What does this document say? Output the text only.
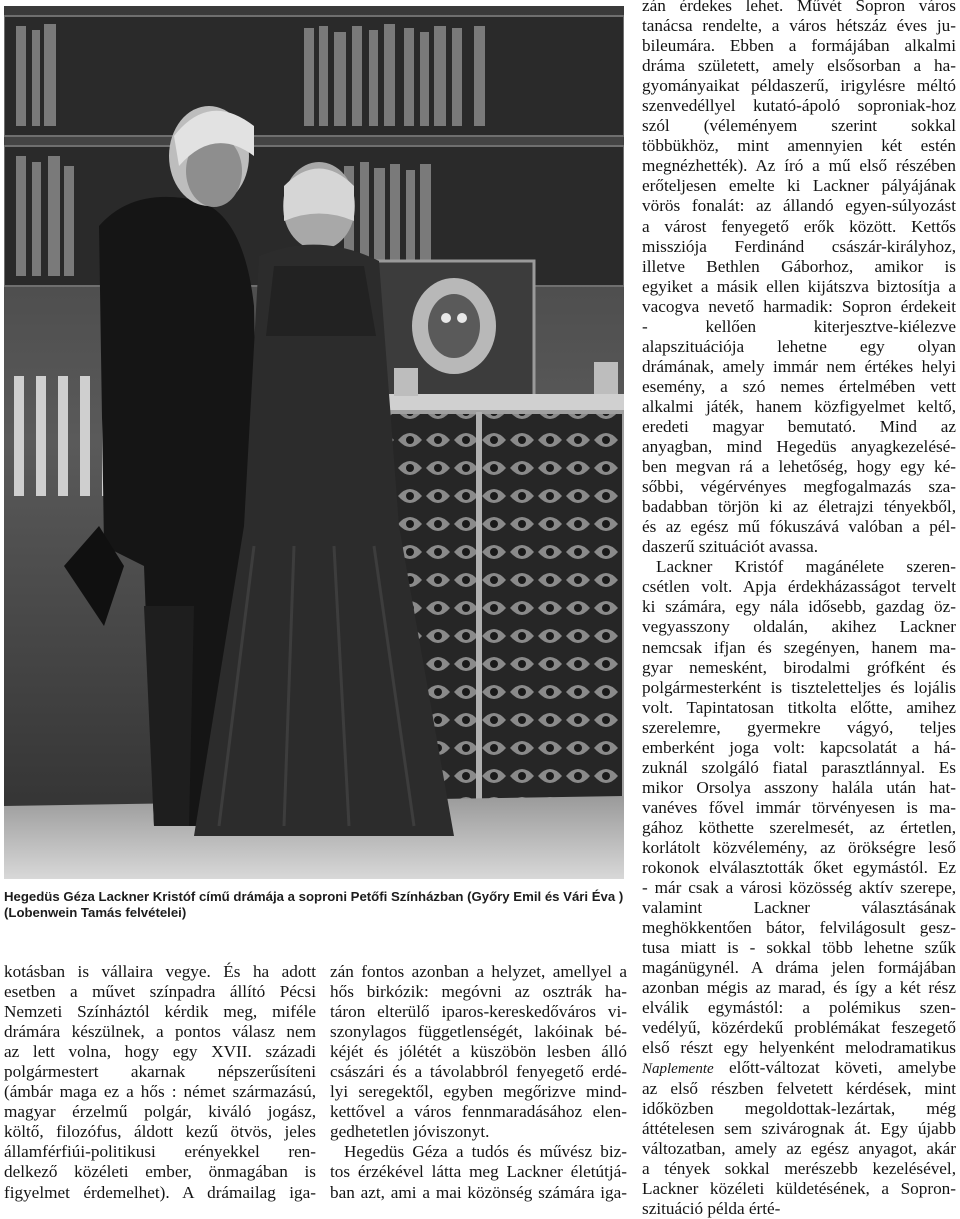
Hegedüs Géza Lackner Kristóf című drámája a soproni Petőfi Színházban (Győry Emil és Vári Éva )
(Lobenwein Tamás felvételei)
kotásban is vállaira vegye. És ha adott
esetben a művet színpadra állító Pécsi
Nemzeti Színháztól kérdik meg, miféle
drámára készülnek, a pontos válasz nem
az lett volna, hogy egy XVII. századi
polgármestert akarnak népszerűsíteni
(ámbár maga ez a hős : német származású,
magyar érzelmű polgár, kiváló jogász,
költő, filozófus, áldott kezű ötvös, jeles
államférfiúi-politikusi erényekkel ren-
delkező közéleti ember, önmagában is
figyelmet érdemelhet). A drámailag iga-
zán fontos azonban a helyzet, amellyel a
hős birkózik: megóvni az osztrák ha-
táron elterülő iparos-kereskedőváros vi-
szonylagos függetlenségét, lakóinak bé-
kéjét és jólétét a küszöbön lesben álló
császári és a távolabbról fenyegető erdé-
lyi seregektől, egyben megőrizve mind-
kettővel a város fennmaradásához elen-
gedhetetlen jóviszonyt.
Hegedüs Géza a tudós és művész biz-
tos érzékével látta meg Lackner életútjá-
ban azt, ami a mai közönség számára iga-
zán érdekes lehet. Művét Sopron város
tanácsa rendelte, a város hétszáz éves ju-
bileumára. Ebben a formájában alkalmi
dráma született, amely elsősorban a ha-
gyományaikat példaszerű, irigylésre méltó
szenvedéllyel kutató-ápoló soproniak-hoz
szól (véleményem szerint sokkal
többükhöz, mint amennyien két estén
megnézhették). Az író a mű első részében
erőteljesen emelte ki Lackner pályájának
vörös fonalát: az állandó egyen-súlyozást
a várost fenyegető erők között. Kettős
missziója Ferdinánd császár-királyhoz,
illetve Bethlen Gáborhoz, amikor is
egyiket a másik ellen kijátszva biztosítja a
vacogva nevető harmadik: Sopron érdekeit
- kellően kiterjesztve-kiélezve
alapszituációja lehetne egy olyan
drámának, amely immár nem értékes helyi
esemény, a szó nemes értelmében vett
alkalmi játék, hanem közfigyelmet keltő,
eredeti magyar bemutató. Mind az
anyagban, mind Hegedüs anyagkezelésé-
ben megvan rá a lehetőség, hogy egy ké-
sőbbi, végérvényes megfogalmazás sza-
badabban törjön ki az életrajzi tényekből,
és az egész mű fókuszává valóban a pél-
daszerű szituációt avassa.
Lackner Kristóf magánélete szeren-
csétlen volt. Apja érdekházasságot tervelt
ki számára, egy nála idősebb, gazdag öz-
vegyasszony oldalán, akihez Lackner
nemcsak ifjan és szegényen, hanem ma-
gyar nemesként, birodalmi grófként és
polgármesterként is tiszteletteljes és lojális
volt. Tapintatosan titkolta előtte, amihez
szerelemre, gyermekre vágyó, teljes
emberként joga volt: kapcsolatát a há-
zuknál szolgáló fiatal parasztlánnyal. Es
mikor Orsolya asszony halála után hat-
vanéves fővel immár törvényesen is ma-
gához köthette szerelmesét, az értetlen,
korlátolt közvélemény, az örökségre leső
rokonok elválasztották őket egymástól. Ez
- már csak a városi közösség aktív szerepe,
valamint Lackner választásának
meghökkentően bátor, felvilágosult gesz-
tusa miatt is - sokkal több lehetne szűk
magánügynél. A dráma jelen formájában
azonban mégis az marad, és így a két rész
elválik egymástól: a polémikus szen-
vedélyű, közérdekű problémákat feszegető
első részt egy helyenként melodramatikus
Naplemente előtt-változat követi, amelybe
az első részben felvetett kérdések, mint
időközben megoldottak-lezártak, még
áttételesen sem szivárognak át. Egy újabb
változatban, amely az egész anyagot, akár
a tények sokkal merészebb kezelésével,
Lackner közéleti küldetésének, a Sopron-
szituáció példa érté-
